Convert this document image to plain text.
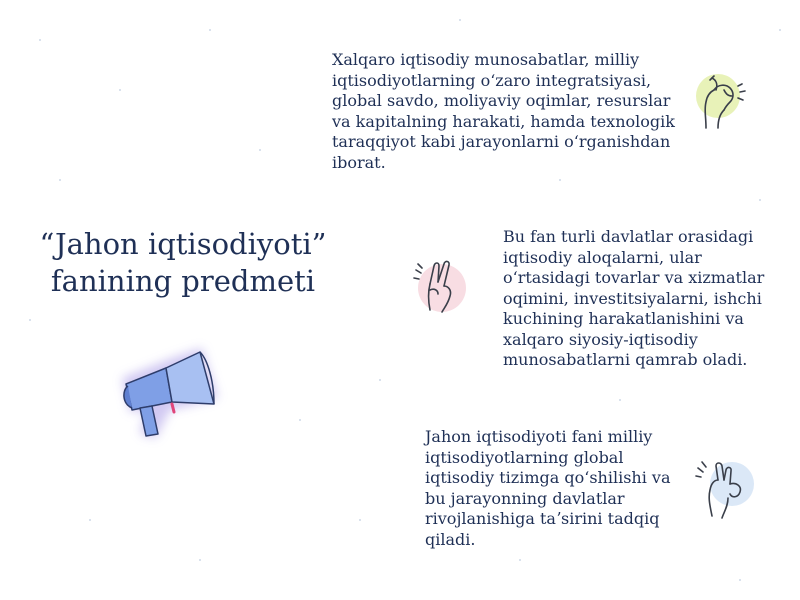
“Jahon iqtisodiyoti” fanining predmeti

Xalqaro iqtisodiy munosabatlar, milliy iqtisodiyotlarning oʻzaro integratsiyasi, global savdo, moliyaviy oqimlar, resurslar va kapitalning harakati, hamda texnologik taraqqiyot kabi jarayonlarni oʻrganishdan iborat.

Bu fan turli davlatlar orasidagi iqtisodiy aloqalarni, ular oʻrtasidagi tovarlar va xizmatlar oqimini, investitsiyalarni, ishchi kuchining harakatlanishini va xalqaro siyosiy-iqtisodiy munosabatlarni qamrab oladi.

Jahon iqtisodiyoti fani milliy iqtisodiyotlarning global iqtisodiy tizimga qoʻshilishi va bu jarayonning davlatlar rivojlanishiga taʼsirini tadqiq qiladi.
